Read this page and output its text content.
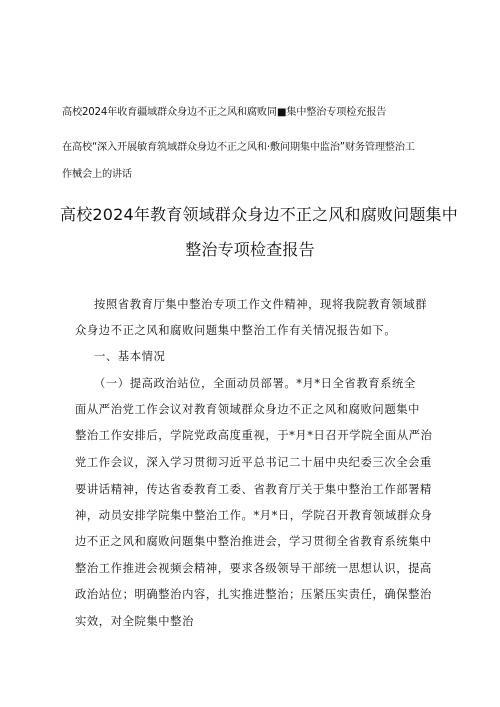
高校2024年收育疆域群众身边不正之风和腐败同■集中整治专项检充报告
在高校“深入开展敏育筑域群众身边不正之风和·敷问期集中监治”财务管理整治工
作械会上的讲话
高校2024年教育领域群众身边不正之风和腐败问题集中
整治专项检查报告
按照省教育厅集中整治专项工作文件精神，现将我院教育领域群
众身边不正之风和腐败问题集中整治工作有关情况报告如下。
一、基本情况
（一）提高政治站位，全面动员部署。*月*日全省教育系统全
面从严治党工作会议对教育领域群众身边不正之风和腐败问题集中
整治工作安排后，学院党政高度重视，于*月*日召开学院全面从严治
党工作会议，深入学习贯彻习近平总书记二十届中央纪委三次全会重
要讲话精神，传达省委教育工委、省教育厅关于集中整治工作部署精
神，动员安排学院集中整治工作。*月*日，学院召开教育领域群众身
边不正之风和腐败问题集中整治推进会，学习贯彻全省教育系统集中
整治工作推进会视频会精神，要求各级领导干部统一思想认识，提高
政治站位；明确整治内容，扎实推进整治；压紧压实责任，确保整治
实效，对全院集中整治
